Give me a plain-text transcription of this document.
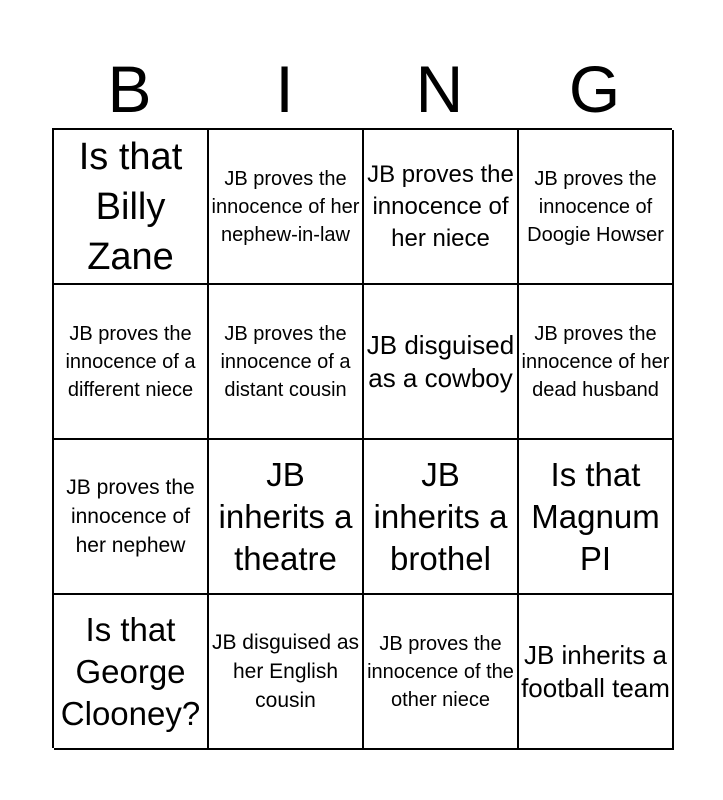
B	I	N	G
Is that Billy Zane
JB proves the innocence of her nephew-in-law
JB proves the innocence of her niece
JB proves the innocence of Doogie Howser
JB proves the innocence of a different niece
JB proves the innocence of a distant cousin
JB disguised as a cowboy
JB proves the innocence of her dead husband
JB proves the innocence of her nephew
JB inherits a theatre
JB inherits a brothel
Is that Magnum PI
Is that George Clooney?
JB disguised as her English cousin
JB proves the innocence of the other niece
JB inherits a football team
